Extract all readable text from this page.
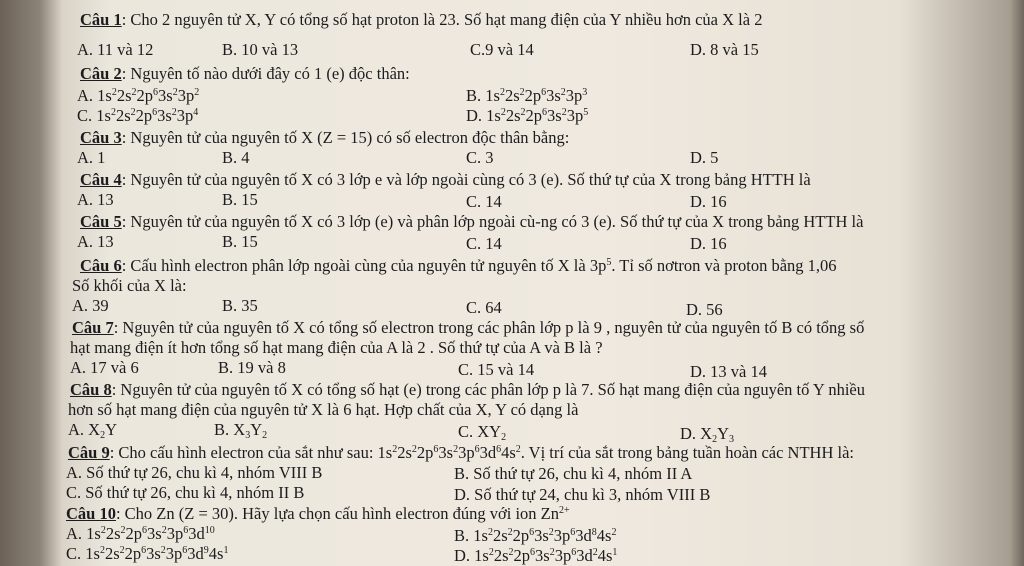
Câu 1: Cho 2 nguyên tử X, Y có tổng số hạt proton là 23. Số hạt mang điện của Y nhiều hơn của X là 2
A. 11 và 12	B. 10 và 13	C.9 và 14	D. 8 và 15
Câu 2: Nguyên tố nào dưới đây có 1 (e) độc thân:
A. $1s^22s^22p^63s^23p^2$	B. $1s^22s^22p^63s^23p^3$
C. $1s^22s^22p^63s^23p^4$	D. $1s^22s^22p^63s^23p^5$
Câu 3: Nguyên tử của nguyên tố X (Z = 15) có số electron độc thân bằng:
A. 1	B. 4	C. 3	D. 5
Câu 4: Nguyên tử của nguyên tố X có 3 lớp e và lớp ngoài cùng có 3 (e). Số thứ tự của X trong bảng HTTH là
A. 13	B. 15	C. 14	D. 16
Câu 5: Nguyên tử của nguyên tố X có 3 lớp (e) và phân lớp ngoài cù-ng có 3 (e). Số thứ tự của X trong bảng HTTH là
A. 13	B. 15	C. 14	D. 16
Câu 6: Cấu hình electron phân lớp ngoài cùng của nguyên tử nguyên tố X là $3p^5$. Tỉ số nơtron và proton bằng 1,06
Số khối của X là:
A. 39	B. 35	C. 64	D. 56
Câu 7: Nguyên tử của nguyên tố X có tổng số electron trong các phân lớp p là 9 , nguyên tử của nguyên tố B có tổng số
hạt mang điện ít hơn tổng số hạt mang điện của A là 2 . Số thứ tự của A và B là ?
A. 17 và 6	B. 19 và 8	C. 15 và 14	D. 13 và 14
Câu 8: Nguyên tử của nguyên tố X có tổng số hạt (e) trong các phân lớp p là 7. Số hạt mang điện của nguyên tố Y nhiều
hơn số hạt mang điện của nguyên tử X là 6 hạt. Hợp chất của X, Y có dạng là
A. $X_2Y$	B. $X_3Y_2$	C. $XY_2$	D. $X_2Y_3$
Câu 9: Cho cấu hình electron của sắt như sau: $1s^22s^22p^63s^23p^63d^64s^2$. Vị trí của sắt trong bảng tuần hoàn các NTHH là:
A. Số thứ tự 26, chu kì 4, nhóm VIII B	B. Số thứ tự 26, chu kì 4, nhóm II A
C. Số thứ tự 26, chu kì 4, nhóm II B	D. Số thứ tự 24, chu kì 3, nhóm VIII B
Câu 10: Cho Zn (Z = 30). Hãy lựa chọn cấu hình electron đúng với ion $Zn^{2+}$
A. $1s^22s^22p^63s^23p^63d^{10}$	B. $1s^22s^22p^63s^23p^63d^84s^2$
C. $1s^22s^22p^63s^23p^63d^94s^1$	D. $1s^22s^22p^63s^23p^63d^24s^1$
